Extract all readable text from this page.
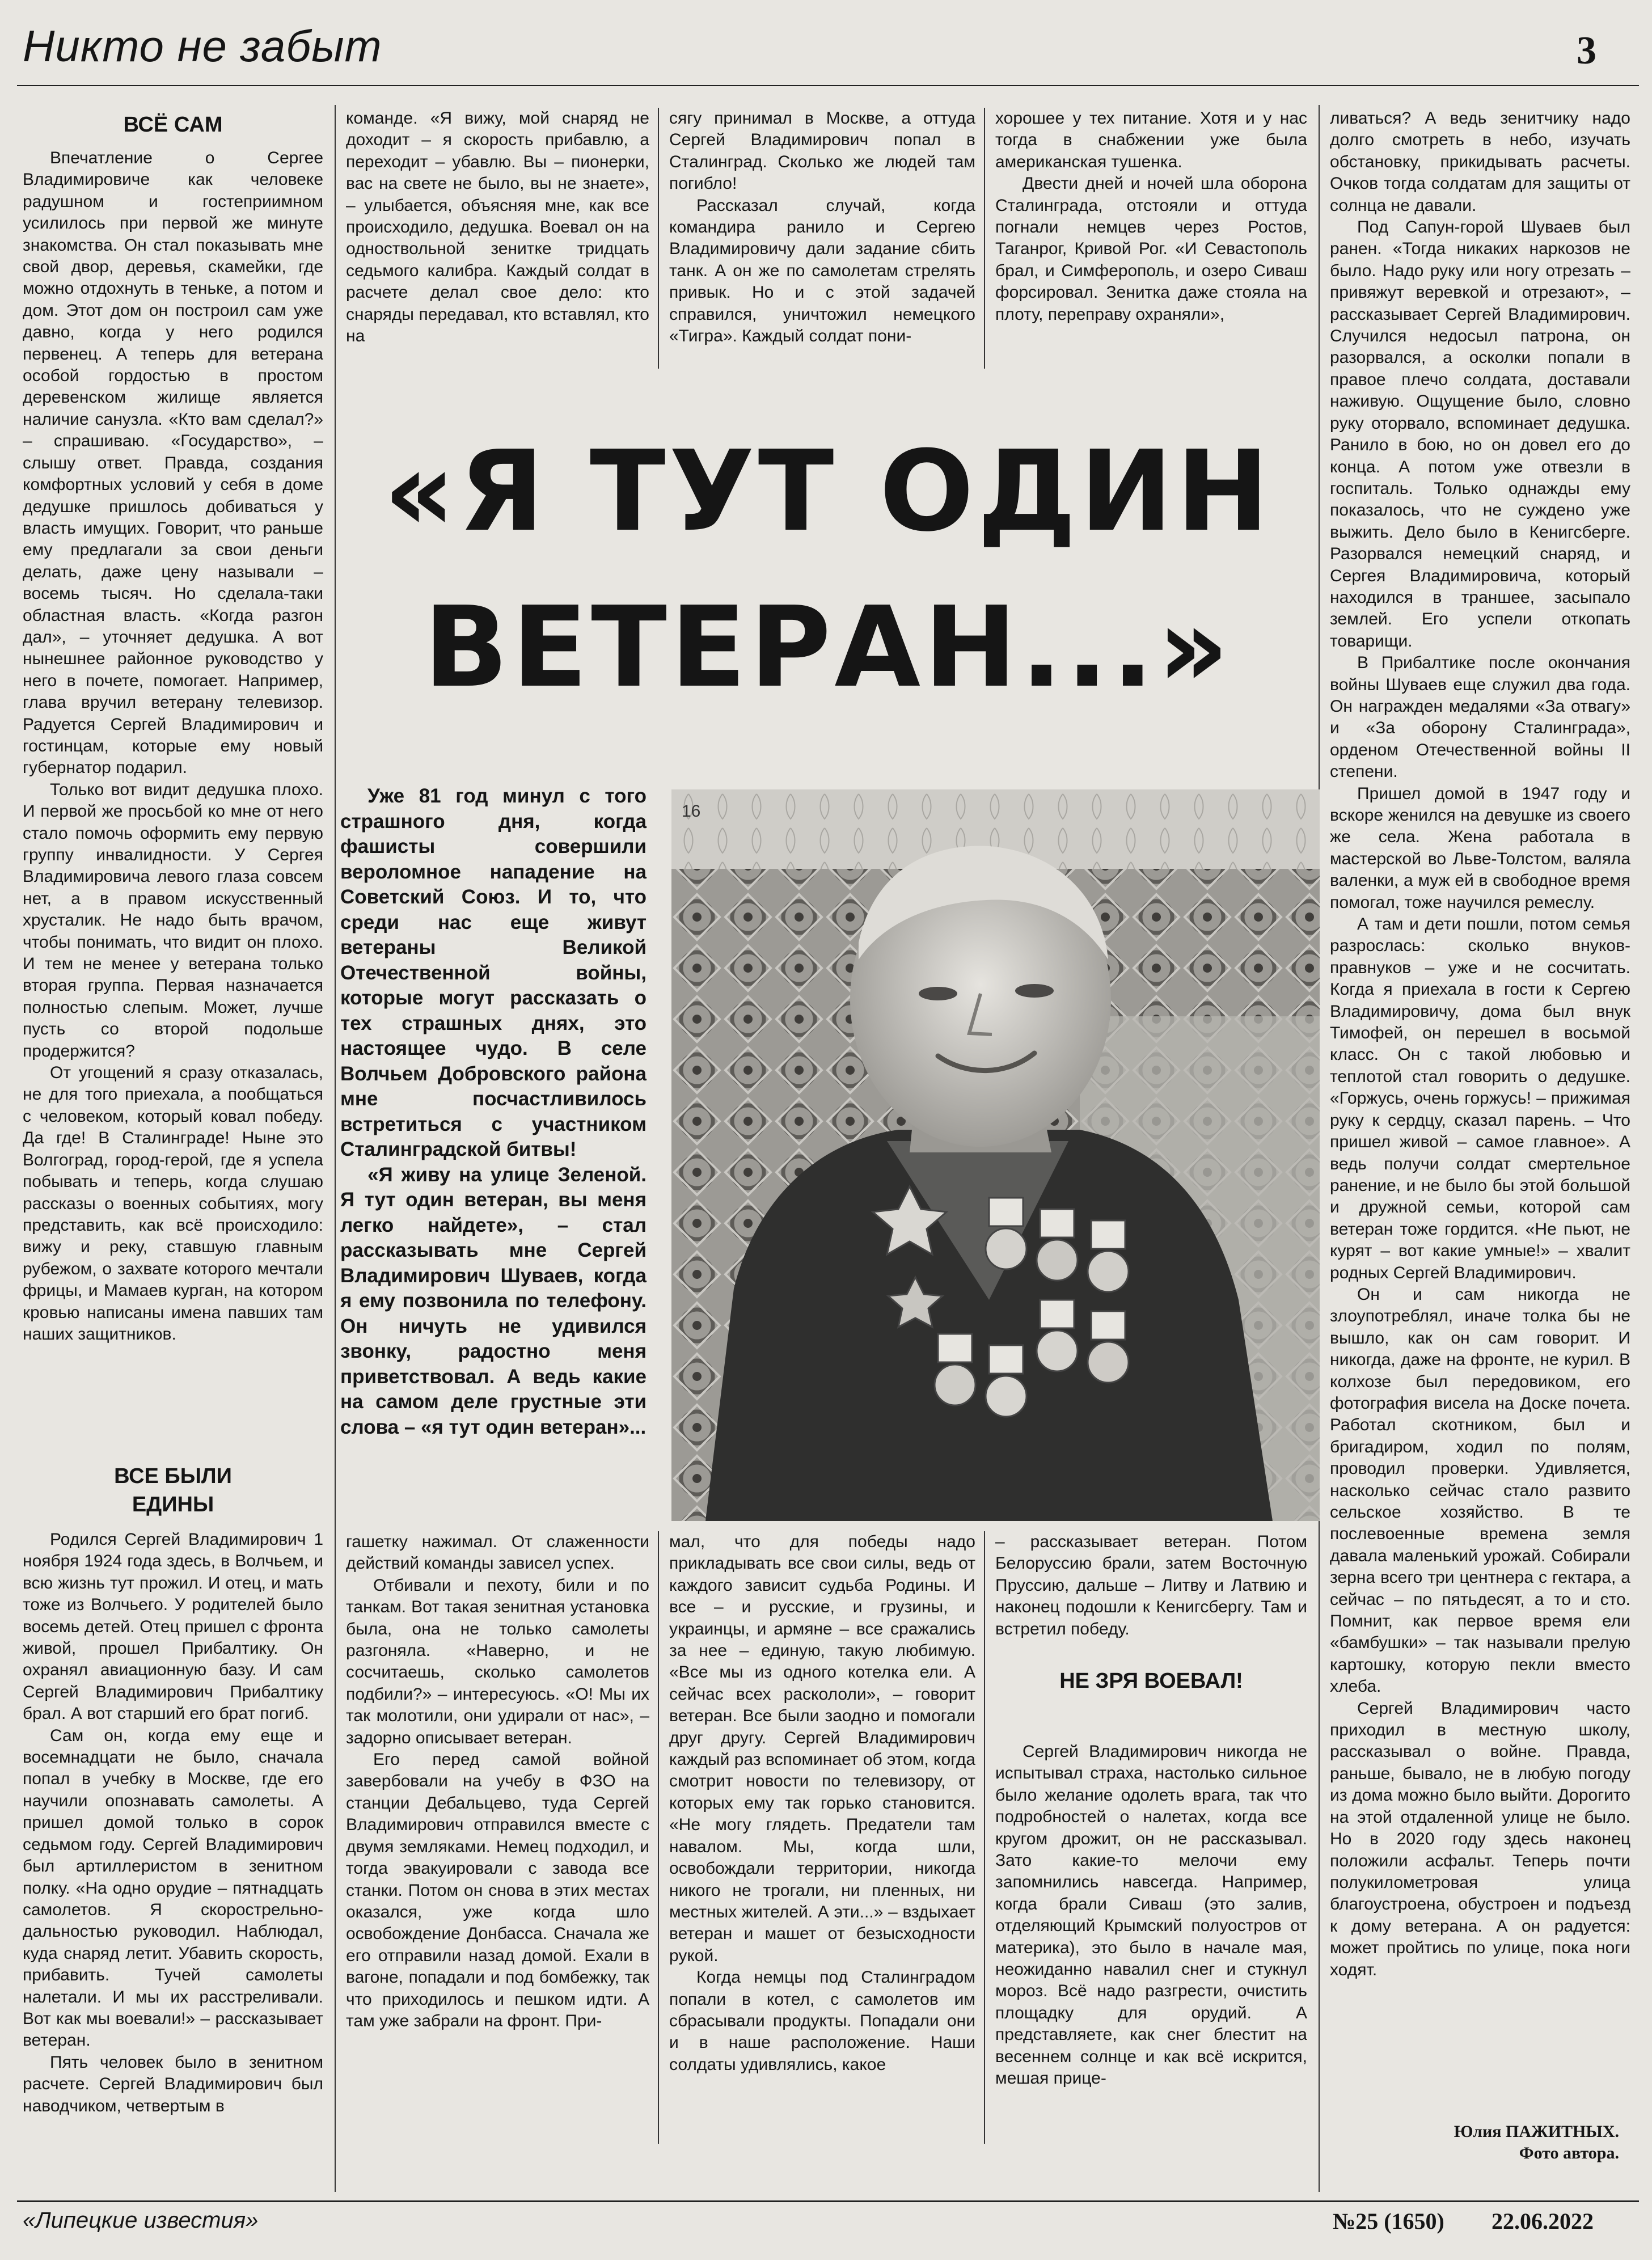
Никто не забыт	3
ВСЁ САМ

Впечатление о Сергее Владимировиче как человеке радушном и гостеприимном усилилось при первой же минуте знакомства. Он стал показывать мне свой двор, деревья, скамейки, где можно отдохнуть в теньке, а потом и дом. Этот дом он построил сам уже давно, когда у него родился первенец. А теперь для ветерана особой гордостью в простом деревенском жилище является наличие санузла. «Кто вам сделал?» – спрашиваю. «Государство», – слышу ответ. Правда, создания комфортных условий у себя в доме дедушке пришлось добиваться у власть имущих. Говорит, что раньше ему предлагали за свои деньги делать, даже цену называли – восемь тысяч. Но сделала-таки областная власть. «Когда разгон дал», – уточняет дедушка. А вот нынешнее районное руководство у него в почете, помогает. Например, глава вручил ветерану телевизор. Радуется Сергей Владимирович и гостинцам, которые ему новый губернатор подарил.

Только вот видит дедушка плохо. И первой же просьбой ко мне от него стало помочь оформить ему первую группу инвалидности. У Сергея Владимировича левого глаза совсем нет, а в правом искусственный хрусталик. Не надо быть врачом, чтобы понимать, что видит он плохо. И тем не менее у ветерана только вторая группа. Первая назначается полностью слепым. Может, лучше пусть со второй подольше продержится?

От угощений я сразу отказалась, не для того приехала, а пообщаться с человеком, который ковал победу. Да где! В Сталинграде! Ныне это Волгоград, город-герой, где я успела побывать и теперь, когда слушаю рассказы о военных событиях, могу представить, как всё происходило: вижу и реку, ставшую главным рубежом, о захвате которого мечтали фрицы, и Мамаев курган, на котором кровью написаны имена павших там наших защитников.

ВСЕ БЫЛИ ЕДИНЫ

Родился Сергей Владимирович 1 ноября 1924 года здесь, в Волчьем, и всю жизнь тут прожил. И отец, и мать тоже из Волчьего. У родителей было восемь детей. Отец пришел с фронта живой, прошел Прибалтику. Он охранял авиационную базу. И сам Сергей Владимирович Прибалтику брал. А вот старший его брат погиб.

Сам он, когда ему еще и восемнадцати не было, сначала попал в учебку в Москве, где его научили опознавать самолеты. А пришел домой только в сорок седьмом году. Сергей Владимирович был артиллеристом в зенитном полку. «На одно орудие – пятнадцать самолетов. Я скорострельно-дальностью руководил. Наблюдал, куда снаряд летит. Убавить скорость, прибавить. Тучей самолеты налетали. И мы их расстреливали. Вот как мы воевали!» – рассказывает ветеран.

Пять человек было в зенитном расчете. Сергей Владимирович был наводчиком, четвертым в

команде. «Я вижу, мой снаряд не доходит – я скорость прибавлю, а переходит – убавлю. Вы – пионерки, вас на свете не было, вы не знаете», – улыбается, объясняя мне, как все происходило, дедушка. Воевал он на одноствольной зенитке тридцать седьмого калибра. Каждый солдат в расчете делал свое дело: кто снаряды передавал, кто вставлял, кто на

сягу принимал в Москве, а оттуда Сергей Владимирович попал в Сталинград. Сколько же людей там погибло!

Рассказал случай, когда командира ранило и Сергею Владимировичу дали задание сбить танк. А он же по самолетам стрелять привык. Но и с этой задачей справился, уничтожил немецкого «Тигра». Каждый солдат пони-

хорошее у тех питание. Хотя и у нас тогда в снабжении уже была американская тушенка.

Двести дней и ночей шла оборона Сталинграда, отстояли и оттуда погнали немцев через Ростов, Таганрог, Кривой Рог. «И Севастополь брал, и Симферополь, и озеро Сиваш форсировал. Зенитка даже стояла на плоту, переправу охраняли»,

«Я ТУТ ОДИН
ВЕТЕРАН...»

Уже 81 год минул с того страшного дня, когда фашисты совершили вероломное нападение на Советский Союз. И то, что среди нас еще живут ветераны Великой Отечественной войны, которые могут рассказать о тех страшных днях, это настоящее чудо. В селе Волчьем Добровского района мне посчастливилось встретиться с участником Сталинградской битвы!

«Я живу на улице Зеленой. Я тут один ветеран, вы меня легко найдете», – стал рассказывать мне Сергей Владимирович Шуваев, когда я ему позвонила по телефону. Он ничуть не удивился звонку, радостно меня приветствовал. А ведь какие на самом деле грустные эти слова – «я тут один ветеран»...

16

гашетку нажимал. От слаженности действий команды зависел успех.

Отбивали и пехоту, били и по танкам. Вот такая зенитная установка была, она не только самолеты разгоняла. «Наверно, и не сосчитаешь, сколько самолетов подбили?» – интересуюсь. «О! Мы их так молотили, они удирали от нас», – задорно описывает ветеран.

Его перед самой войной завербовали на учебу в ФЗО на станции Дебальцево, туда Сергей Владимирович отправился вместе с двумя земляками. Немец подходил, и тогда эвакуировали с завода все станки. Потом он снова в этих местах оказался, уже когда шло освобождение Донбасса. Сначала же его отправили назад домой. Ехали в вагоне, попадали и под бомбежку, так что приходилось и пешком идти. А там уже забрали на фронт. При-

мал, что для победы надо прикладывать все свои силы, ведь от каждого зависит судьба Родины. И все – и русские, и грузины, и украинцы, и армяне – все сражались за нее – единую, такую любимую. «Все мы из одного котелка ели. А сейчас всех раскололи», – говорит ветеран. Все были заодно и помогали друг другу. Сергей Владимирович каждый раз вспоминает об этом, когда смотрит новости по телевизору, от которых ему так горько становится. «Не могу глядеть. Предатели там навалом. Мы, когда шли, освобождали территории, никогда никого не трогали, ни пленных, ни местных жителей. А эти...» – вздыхает ветеран и машет от безысходности рукой.

Когда немцы под Сталинградом попали в котел, с самолетов им сбрасывали продукты. Попадали они и в наше расположение. Наши солдаты удивлялись, какое

– рассказывает ветеран. Потом Белоруссию брали, затем Восточную Пруссию, дальше – Литву и Латвию и наконец подошли к Кенигсбергу. Там и встретил победу.

НЕ ЗРЯ ВОЕВАЛ!

Сергей Владимирович никогда не испытывал страха, настолько сильное было желание одолеть врага, так что подробностей о налетах, когда все кругом дрожит, он не рассказывал. Зато какие-то мелочи ему запомнились навсегда. Например, когда брали Сиваш (это залив, отделяющий Крымский полуостров от материка), это было в начале мая, неожиданно навалил снег и стукнул мороз. Всё надо разгрести, очистить площадку для орудий. А представляете, как снег блестит на весеннем солнце и как всё искрится, мешая прице-

ливаться? А ведь зенитчику надо долго смотреть в небо, изучать обстановку, прикидывать расчеты. Очков тогда солдатам для защиты от солнца не давали.

Под Сапун-горой Шуваев был ранен. «Тогда никаких наркозов не было. Надо руку или ногу отрезать – привяжут веревкой и отрезают», – рассказывает Сергей Владимирович. Случился недосыл патрона, он разорвался, а осколки попали в правое плечо солдата, доставали наживую. Ощущение было, словно руку оторвало, вспоминает дедушка. Ранило в бою, но он довел его до конца. А потом уже отвезли в госпиталь. Только однажды ему показалось, что не суждено уже выжить. Дело было в Кенигсберге. Разорвался немецкий снаряд, и Сергея Владимировича, который находился в траншее, засыпало землей. Его успели откопать товарищи.

В Прибалтике после окончания войны Шуваев еще служил два года. Он награжден медалями «За отвагу» и «За оборону Сталинграда», орденом Отечественной войны II степени.

Пришел домой в 1947 году и вскоре женился на девушке из своего же села. Жена работала в мастерской во Льве-Толстом, валяла валенки, а муж ей в свободное время помогал, тоже научился ремеслу.

А там и дети пошли, потом семья разрослась: сколько внуков-правнуков – уже и не сосчитать. Когда я приехала в гости к Сергею Владимировичу, дома был внук Тимофей, он перешел в восьмой класс. Он с такой любовью и теплотой стал говорить о дедушке. «Горжусь, очень горжусь! – прижимая руку к сердцу, сказал парень. – Что пришел живой – самое главное». А ведь получи солдат смертельное ранение, и не было бы этой большой и дружной семьи, которой сам ветеран тоже гордится. «Не пьют, не курят – вот какие умные!» – хвалит родных Сергей Владимирович.

Он и сам никогда не злоупотреблял, иначе толка бы не вышло, как он сам говорит. И никогда, даже на фронте, не курил. В колхозе был передовиком, его фотография висела на Доске почета. Работал скотником, был и бригадиром, ходил по полям, проводил проверки. Удивляется, насколько сейчас стало развито сельское хозяйство. В те послевоенные времена земля давала маленький урожай. Собирали зерна всего три центнера с гектара, а сейчас – по пятьдесят, а то и сто. Помнит, как первое время ели «бамбушки» – так называли прелую картошку, которую пекли вместо хлеба.

Сергей Владимирович часто приходил в местную школу, рассказывал о войне. Правда, раньше, бывало, не в любую погоду из дома можно было выйти. Дорогито на этой отдаленной улице не было. Но в 2020 году здесь наконец положили асфальт. Теперь почти полукилометровая улица благоустроена, обустроен и подъезд к дому ветерана. А он радуется: может пройтись по улице, пока ноги ходят.

Юлия ПАЖИТНЫХ.
Фото автора.
«Липецкие известия»	№25 (1650) 22.06.2022
